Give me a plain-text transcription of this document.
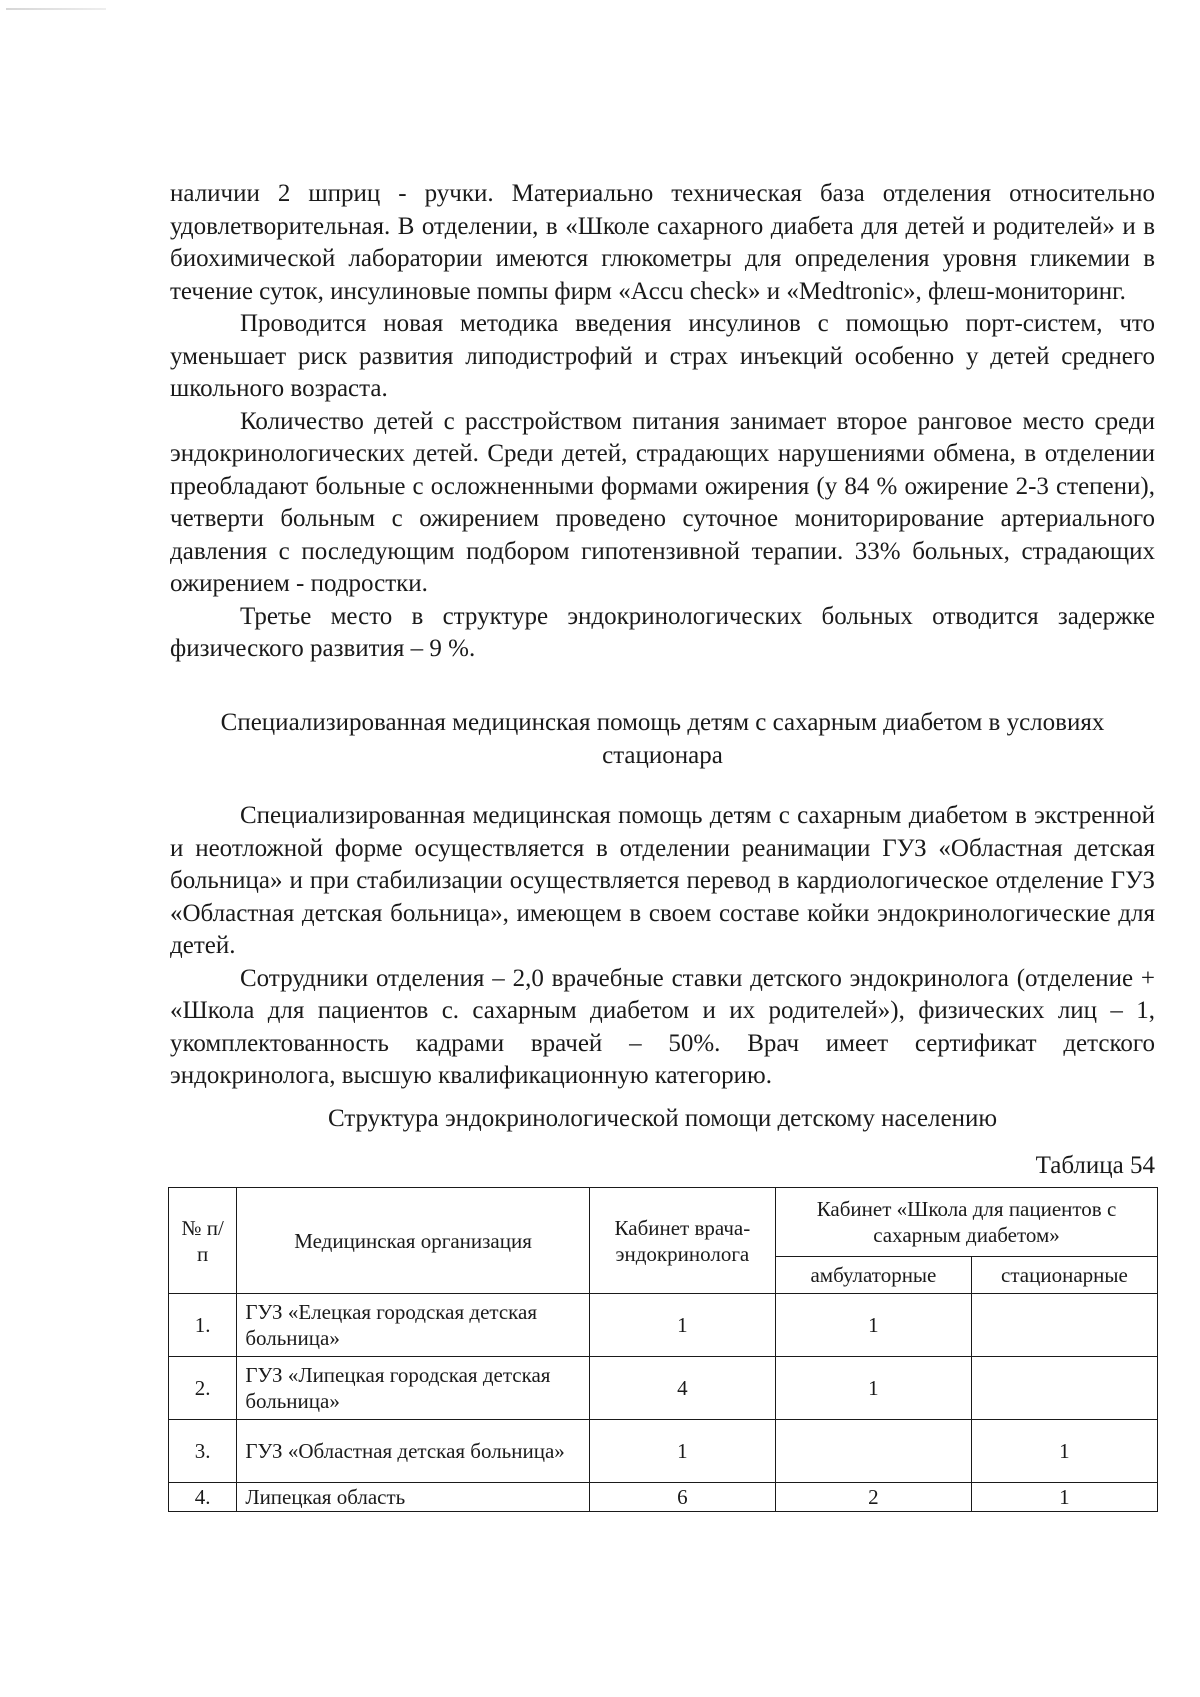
наличии 2 шприц - ручки. Материально техническая база отделения относительно удовлетворительная. В отделении, в «Школе сахарного диабета для детей и родителей» и в биохимической лаборатории имеются глюкометры для определения уровня гликемии в течение суток, инсулиновые помпы фирм «Accu check» и «Medtronic», флеш-мониторинг.

Проводится новая методика введения инсулинов с помощью порт-систем, что уменьшает риск развития липодистрофий и страх инъекций особенно у детей среднего школьного возраста.

Количество детей с расстройством питания занимает второе ранговое место среди эндокринологических детей. Среди детей, страдающих нарушениями обмена, в отделении преобладают больные с осложненными формами ожирения (у 84 % ожирение 2-3 степени), четверти больным с ожирением проведено суточное мониторирование артериального давления с последующим подбором гипотензивной терапии. 33% больных, страдающих ожирением - подростки.

Третье место в структуре эндокринологических больных отводится задержке физического развития – 9 %.

Специализированная медицинская помощь детям с сахарным диабетом в условиях стационара

Специализированная медицинская помощь детям с сахарным диабетом в экстренной и неотложной форме осуществляется в отделении реанимации ГУЗ «Областная детская больница» и при стабилизации осуществляется перевод в кардиологическое отделение ГУЗ «Областная детская больница», имеющем в своем составе койки эндокринологические для детей.

Сотрудники отделения – 2,0 врачебные ставки детского эндокринолога (отделение + «Школа для пациентов с. сахарным диабетом и их родителей»), физических лиц – 1, укомплектованность кадрами врачей – 50%. Врач имеет сертификат детского эндокринолога, высшую квалификационную категорию.

Структура эндокринологической помощи детскому населению
Таблица 54
№ п/п	Медицинская организация	Кабинет врача-эндокринолога	Кабинет «Школа для пациентов с сахарным диабетом»	
			амбулаторные	стационарные
1.	ГУЗ «Елецкая городская детская больница»	1	1	
2.	ГУЗ «Липецкая городская детская больница»	4	1	
3.	ГУЗ «Областная детская больница»	1		1
4.	Липецкая область	6	2	1
